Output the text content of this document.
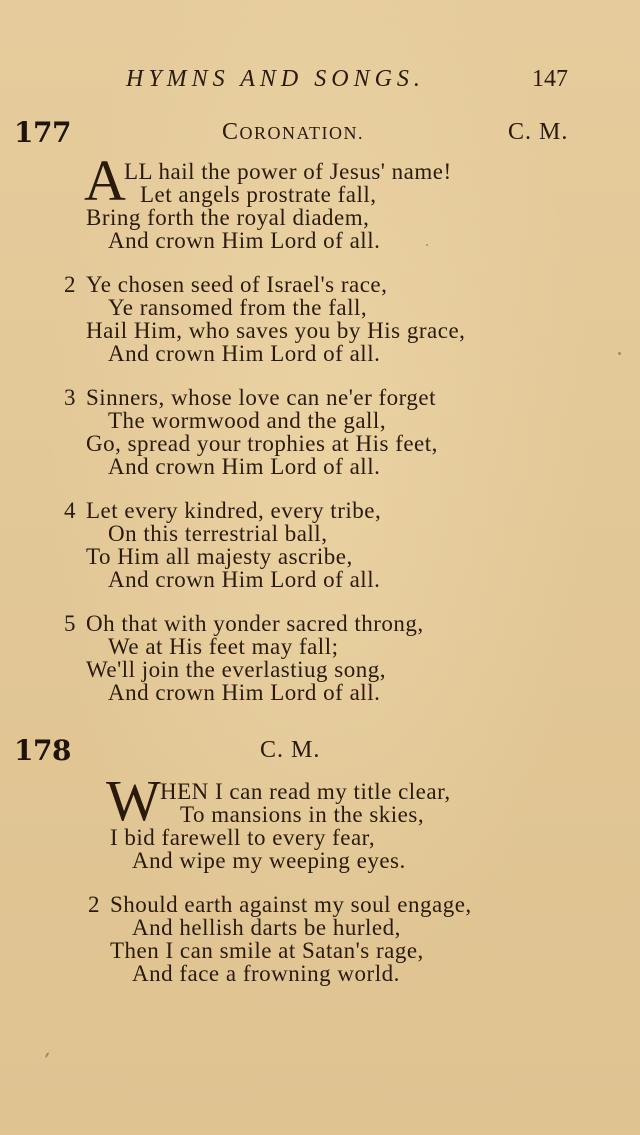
HYMNS AND SONGS.	147
177	CORONATION.	C. M.
A
LL hail the power of Jesus' name!
Let angels prostrate fall,
Bring forth the royal diadem,
And crown Him Lord of all.
2 Ye chosen seed of Israel's race,
Ye ransomed from the fall,
Hail Him, who saves you by His grace,
And crown Him Lord of all.
3 Sinners, whose love can ne'er forget
The wormwood and the gall,
Go, spread your trophies at His feet,
And crown Him Lord of all.
4 Let every kindred, every tribe,
On this terrestrial ball,
To Him all majesty ascribe,
And crown Him Lord of all.
5 Oh that with yonder sacred throng,
We at His feet may fall;
We'll join the everlastiug song,
And crown Him Lord of all.
178	C. M.
W HEN I can read my title clear,
To mansions in the skies,
I bid farewell to every fear,
And wipe my weeping eyes.
2 Should earth against my soul engage,
And hellish darts be hurled,
Then I can smile at Satan's rage,
And face a frowning world.
